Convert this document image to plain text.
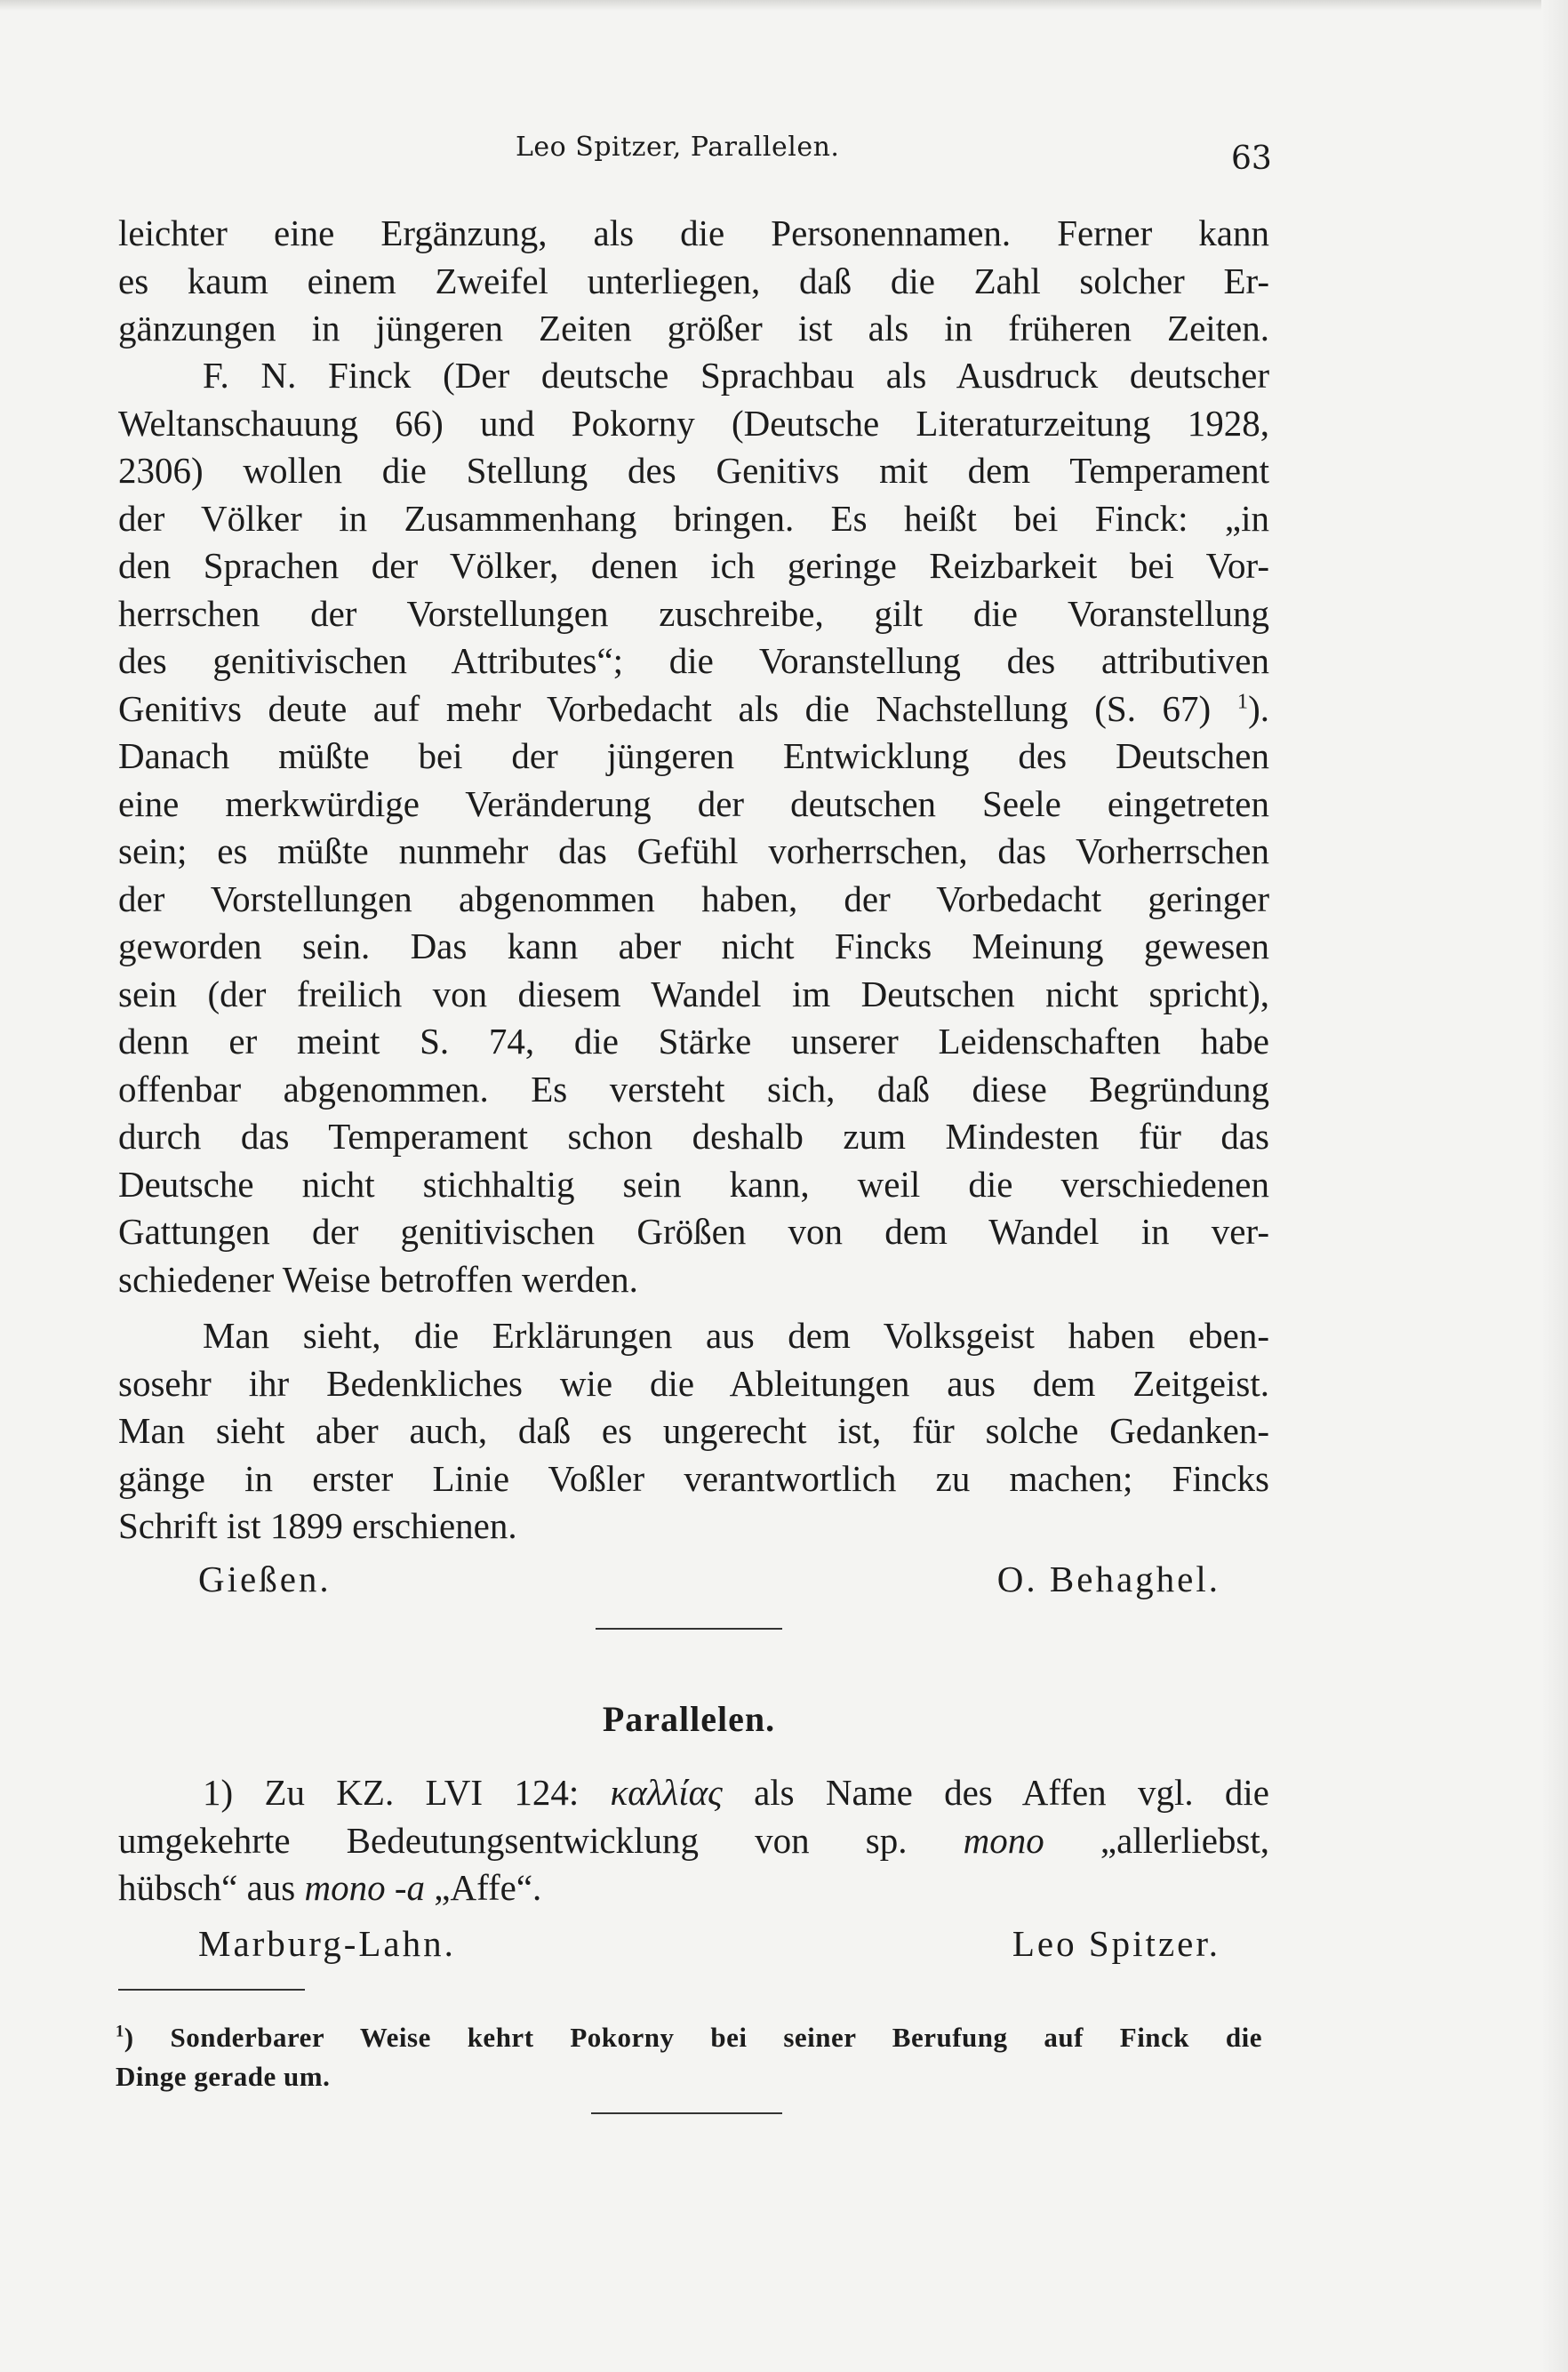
Leo Spitzer, Parallelen.	63
leichter eine Ergänzung, als die Personennamen. Ferner kann
es kaum einem Zweifel unterliegen, daß die Zahl solcher Er-
gänzungen in jüngeren Zeiten größer ist als in früheren Zeiten.
F. N. Finck (Der deutsche Sprachbau als Ausdruck deutscher
Weltanschauung 66) und Pokorny (Deutsche Literaturzeitung 1928,
2306) wollen die Stellung des Genitivs mit dem Temperament
der Völker in Zusammenhang bringen. Es heißt bei Finck: „in
den Sprachen der Völker, denen ich geringe Reizbarkeit bei Vor-
herrschen der Vorstellungen zuschreibe, gilt die Voranstellung
des genitivischen Attributes“; die Voranstellung des attributiven
Genitivs deute auf mehr Vorbedacht als die Nachstellung (S. 67) $^1$).
Danach müßte bei der jüngeren Entwicklung des Deutschen
eine merkwürdige Veränderung der deutschen Seele eingetreten
sein; es müßte nunmehr das Gefühl vorherrschen, das Vorherrschen
der Vorstellungen abgenommen haben, der Vorbedacht geringer
geworden sein. Das kann aber nicht Fincks Meinung gewesen
sein (der freilich von diesem Wandel im Deutschen nicht spricht),
denn er meint S. 74, die Stärke unserer Leidenschaften habe
offenbar abgenommen. Es versteht sich, daß diese Begründung
durch das Temperament schon deshalb zum Mindesten für das
Deutsche nicht stichhaltig sein kann, weil die verschiedenen
Gattungen der genitivischen Größen von dem Wandel in ver-
schiedener Weise betroffen werden.
Man sieht, die Erklärungen aus dem Volksgeist haben eben-
sosehr ihr Bedenkliches wie die Ableitungen aus dem Zeitgeist.
Man sieht aber auch, daß es ungerecht ist, für solche Gedanken-
gänge in erster Linie Voßler verantwortlich zu machen; Fincks
Schrift ist 1899 erschienen.
Gießen.	O. Behaghel.
Parallelen.
1) Zu KZ. LVI 124: καλλίας als Name des Affen vgl. die
umgekehrte Bedeutungsentwicklung von sp. mono „allerliebst,
hübsch“ aus mono -a „Affe“.
Marburg-Lahn.	Leo Spitzer.
$^1$) Sonderbarer Weise kehrt Pokorny bei seiner Berufung auf Finck die
Dinge gerade um.
